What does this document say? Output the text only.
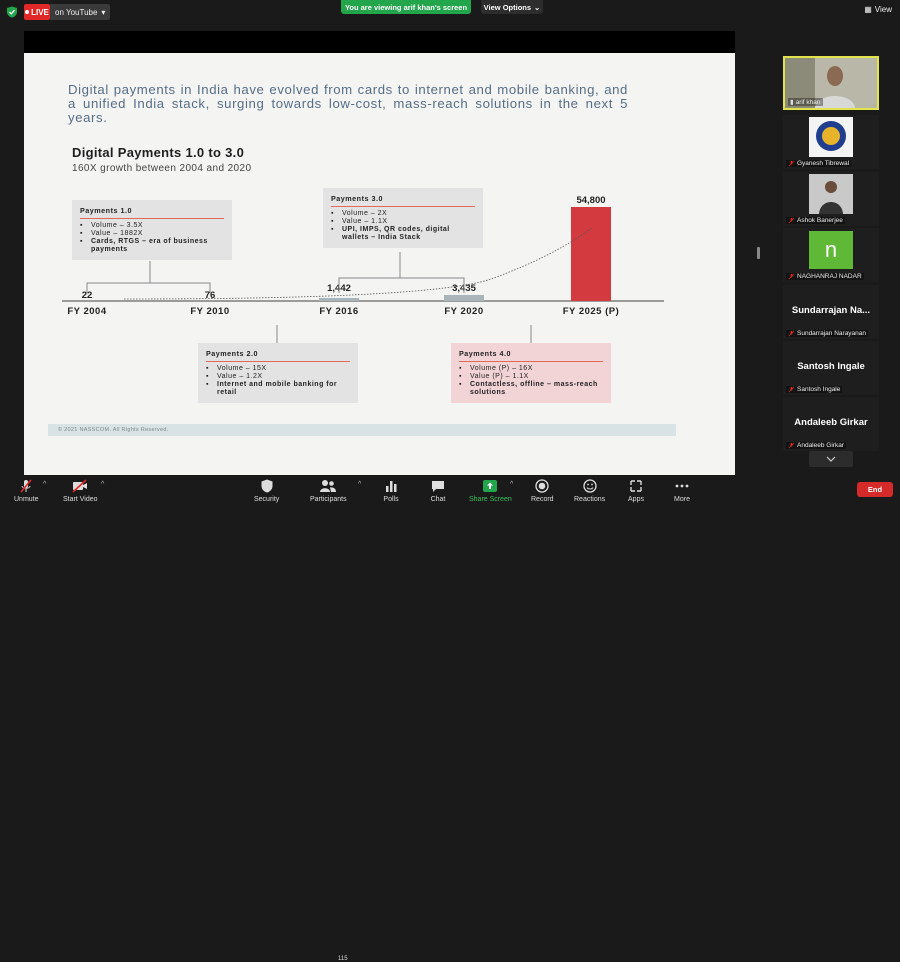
LIVE on YouTube ▾
You are viewing arif khan's screen	View Options ⌄	▦ View
Digital payments in India have evolved from cards to internet and mobile banking, and a unified India stack, surging towards low-cost, mass-reach solutions in the next 5 years.
Digital Payments 1.0 to 3.0
160X growth between 2004 and 2020
22
FY 2004
76
FY 2010
1,442
FY 2016
3,435
FY 2020
54,800
FY 2025 (P)
Payments 1.0
▪ Volume – 3.5X
▪ Value – 1882X
▪ Cards, RTGS – era of business payments
Payments 2.0
▪ Volume – 15X
▪ Value – 1.2X
▪ Internet and mobile banking for retail
Payments 3.0
▪ Volume – 2X
▪ Value – 1.1X
▪ UPI, IMPS, QR codes, digital wallets – India Stack
Payments 4.0
▪ Volume (P) – 16X
▪ Value (P) – 1.1X
▪ Contactless, offline – mass-reach solutions
© 2021 NASSCOM. All Rights Reserved.
▮ arif khan
Gyanesh Tibrewal
Ashok Banerjee
n
NAGHANRAJ NADAR
Sundarrajan Na...
Sundarrajan Narayanan
Santosh Ingale
Santosh Ingale
Andaleeb Girkar
Andaleeb Girkar
Unmute
^
Start Video
^
Security	Participants
115
^
Polls	Chat	Share Screen
^
Record	Reactions	Apps	More
End
